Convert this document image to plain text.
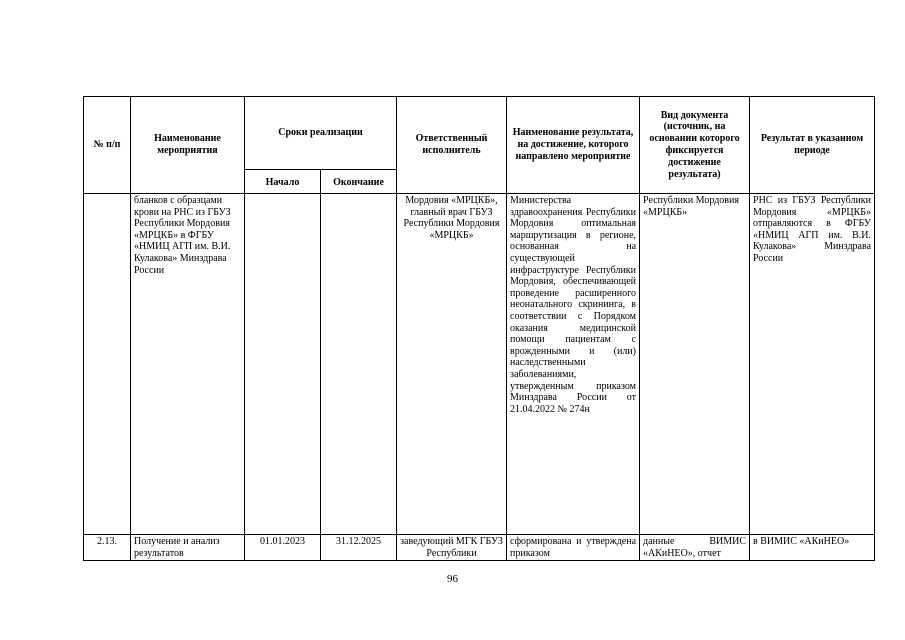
№ п/п	Наименование мероприятия	Сроки реализации		Ответственный исполнитель	Наименование результата, на достижение, которого направлено мероприятие	Вид документа (источник, на основании которого фиксируется достижение результата)	Результат в указанном периоде
		Начало	Окончание				
	бланков с образцами крови на РНС из ГБУЗ Республики Мордовия «МРЦКБ» в ФГБУ «НМИЦ АГП им. В.И. Кулакова» Минздрава России			Мордовия «МРЦКБ», главный врач ГБУЗ Республики Мордовия «МРЦКБ»	Министерства здравоохранения Республики Мордовия оптимальная маршрутизация в регионе, основанная на существующей инфраструктуре Республики Мордовия, обеспечивающей проведение расширенного неонатального скрининга, в соответствии с Порядком оказания медицинской помощи пациентам с врожденными и (или) наследственными заболеваниями, утвержденным приказом Минздрава России от 21.04.2022 № 274н	Республики Мордовия «МРЦКБ»	РНС из ГБУЗ Республики Мордовия «МРЦКБ» отправляются в ФГБУ «НМИЦ АГП им. В.И. Кулакова» Минздрава России
2.13.	Получение и анализ результатов	01.01.2023	31.12.2025	заведующий МГК ГБУЗ Республики	сформирована и утверждена приказом	данные ВИМИС «АКиНЕО», отчет	в ВИМИС «АКиНЕО»
96
